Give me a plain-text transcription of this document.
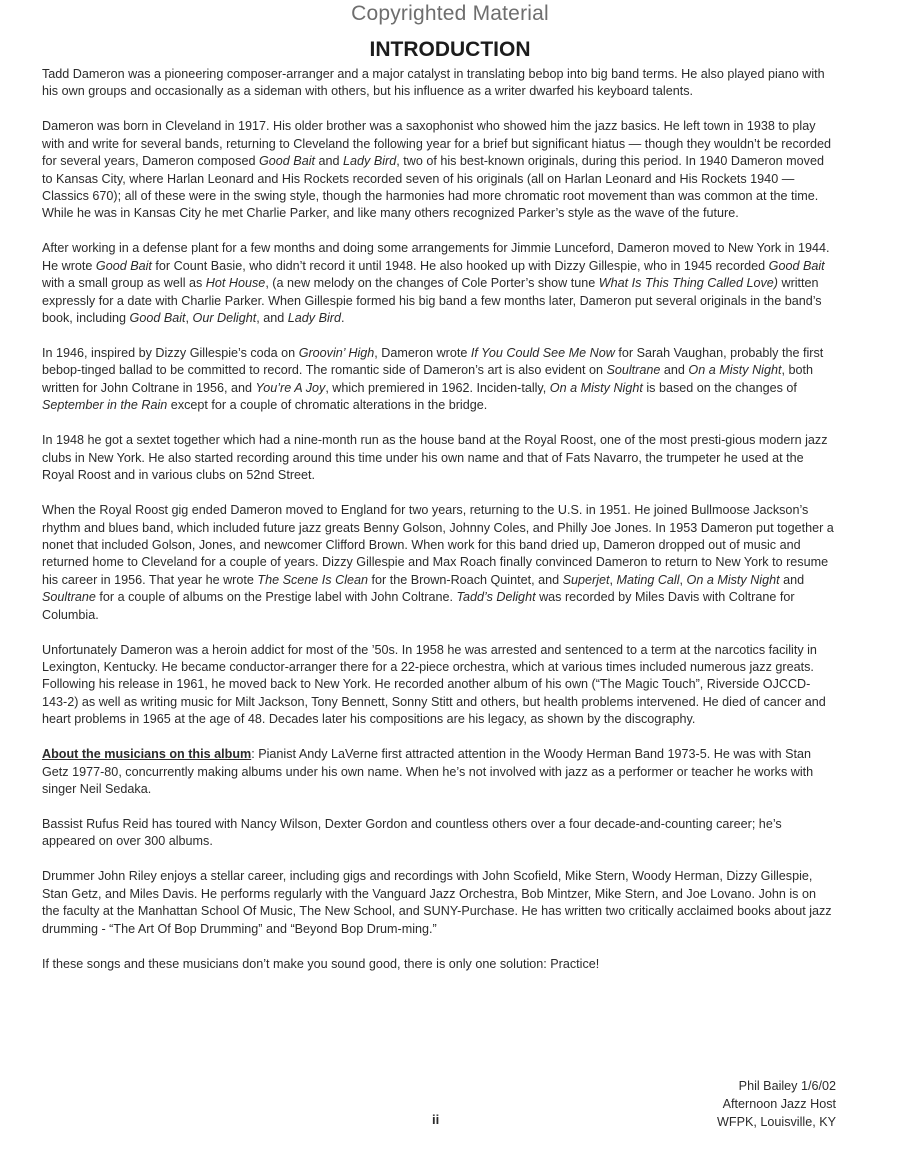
Copyrighted Material
INTRODUCTION

Tadd Dameron was a pioneering composer-arranger and a major catalyst in translating bebop into big band terms. He also played piano with his own groups and occasionally as a sideman with others, but his influence as a writer dwarfed his keyboard talents.

Dameron was born in Cleveland in 1917. His older brother was a saxophonist who showed him the jazz basics. He left town in 1938 to play with and write for several bands, returning to Cleveland the following year for a brief but significant hiatus — though they wouldn’t be recorded for several years, Dameron composed Good Bait and Lady Bird, two of his best-known originals, during this period. In 1940 Dameron moved to Kansas City, where Harlan Leonard and His Rockets recorded seven of his originals (all on Harlan Leonard and His Rockets 1940 — Classics 670); all of these were in the swing style, though the harmonies had more chromatic root movement than was common at the time. While he was in Kansas City he met Charlie Parker, and like many others recognized Parker’s style as the wave of the future.

After working in a defense plant for a few months and doing some arrangements for Jimmie Lunceford, Dameron moved to New York in 1944. He wrote Good Bait for Count Basie, who didn’t record it until 1948. He also hooked up with Dizzy Gillespie, who in 1945 recorded Good Bait with a small group as well as Hot House, (a new melody on the changes of Cole Porter’s show tune What Is This Thing Called Love) written expressly for a date with Charlie Parker. When Gillespie formed his big band a few months later, Dameron put several originals in the band’s book, including Good Bait, Our Delight, and Lady Bird.

In 1946, inspired by Dizzy Gillespie’s coda on Groovin’ High, Dameron wrote If You Could See Me Now for Sarah Vaughan, probably the first bebop-tinged ballad to be committed to record. The romantic side of Dameron’s art is also evident on Soultrane and On a Misty Night, both written for John Coltrane in 1956, and You’re A Joy, which premiered in 1962. Inciden-tally, On a Misty Night is based on the changes of September in the Rain except for a couple of chromatic alterations in the bridge.

In 1948 he got a sextet together which had a nine-month run as the house band at the Royal Roost, one of the most presti-gious modern jazz clubs in New York. He also started recording around this time under his own name and that of Fats Navarro, the trumpeter he used at the Royal Roost and in various clubs on 52nd Street.

When the Royal Roost gig ended Dameron moved to England for two years, returning to the U.S. in 1951. He joined Bullmoose Jackson’s rhythm and blues band, which included future jazz greats Benny Golson, Johnny Coles, and Philly Joe Jones. In 1953 Dameron put together a nonet that included Golson, Jones, and newcomer Clifford Brown. When work for this band dried up, Dameron dropped out of music and returned home to Cleveland for a couple of years. Dizzy Gillespie and Max Roach finally convinced Dameron to return to New York to resume his career in 1956. That year he wrote The Scene Is Clean for the Brown-Roach Quintet, and Superjet, Mating Call, On a Misty Night and Soultrane for a couple of albums on the Prestige label with John Coltrane. Tadd’s Delight was recorded by Miles Davis with Coltrane for Columbia.

Unfortunately Dameron was a heroin addict for most of the ’50s. In 1958 he was arrested and sentenced to a term at the narcotics facility in Lexington, Kentucky. He became conductor-arranger there for a 22-piece orchestra, which at various times included numerous jazz greats. Following his release in 1961, he moved back to New York. He recorded another album of his own (“The Magic Touch”, Riverside OJCCD-143-2) as well as writing music for Milt Jackson, Tony Bennett, Sonny Stitt and others, but health problems intervened. He died of cancer and heart problems in 1965 at the age of 48. Decades later his compositions are his legacy, as shown by the discography.

About the musicians on this album: Pianist Andy LaVerne first attracted attention in the Woody Herman Band 1973-5. He was with Stan Getz 1977-80, concurrently making albums under his own name. When he’s not involved with jazz as a performer or teacher he works with singer Neil Sedaka.

Bassist Rufus Reid has toured with Nancy Wilson, Dexter Gordon and countless others over a four decade-and-counting career; he’s appeared on over 300 albums.

Drummer John Riley enjoys a stellar career, including gigs and recordings with John Scofield, Mike Stern, Woody Herman, Dizzy Gillespie, Stan Getz, and Miles Davis. He performs regularly with the Vanguard Jazz Orchestra, Bob Mintzer, Mike Stern, and Joe Lovano. John is on the faculty at the Manhattan School Of Music, The New School, and SUNY-Purchase. He has written two critically acclaimed books about jazz drumming - “The Art Of Bop Drumming” and “Beyond Bop Drum-ming.”

If these songs and these musicians don’t make you sound good, there is only one solution: Practice!

Phil Bailey 1/6/02
Afternoon Jazz Host
WFPK, Louisville, KY
ii
